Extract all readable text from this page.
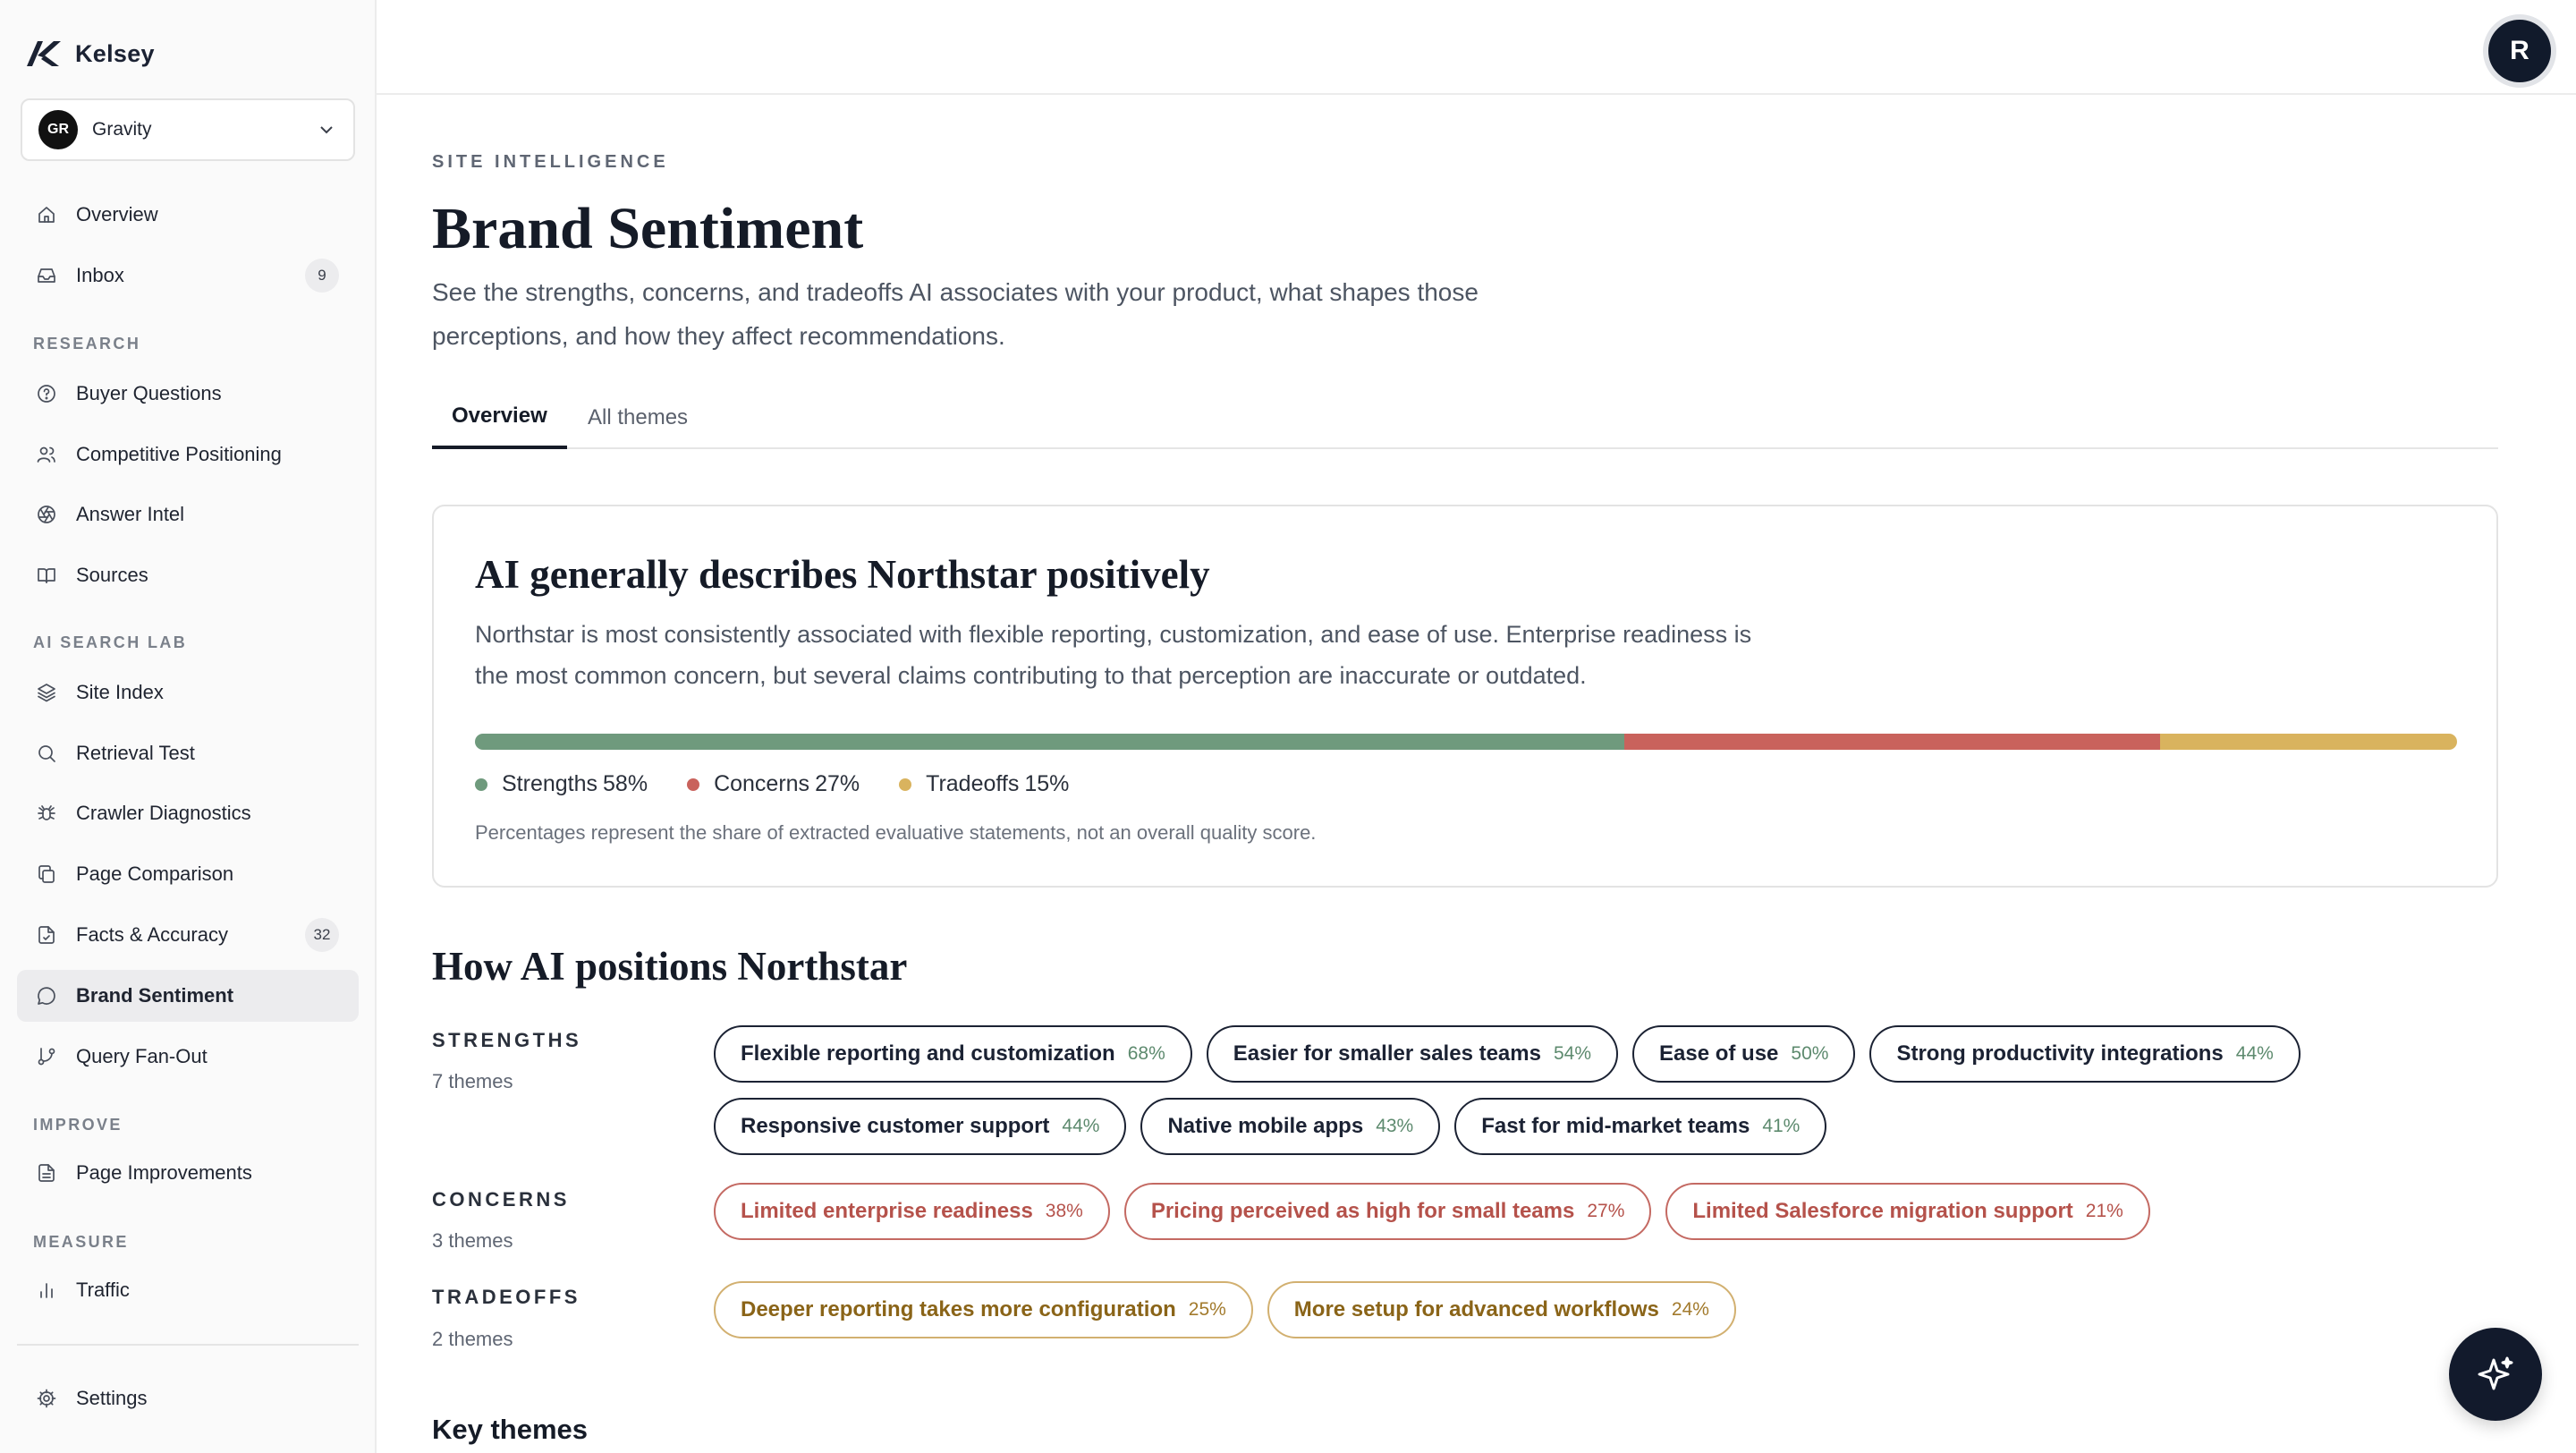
Kelsey
GR	Gravity
Overview
Inbox	9
RESEARCH
Buyer Questions
Competitive Positioning
Answer Intel
Sources
AI SEARCH LAB
Site Index
Retrieval Test
Crawler Diagnostics
Page Comparison
Facts & Accuracy	32
Brand Sentiment
Query Fan-Out
IMPROVE
Page Improvements
MEASURE
Traffic
Settings
R
SITE INTELLIGENCE
Brand Sentiment

See the strengths, concerns, and tradeoffs AI associates with your product, what shapes those perceptions, and how they affect recommendations.

Overview	All themes
AI generally describes Northstar positively

Northstar is most consistently associated with flexible reporting, customization, and ease of use. Enterprise readiness is the most common concern, but several claims contributing to that perception are inaccurate or outdated.

Strengths 58%	Concerns 27%	Tradeoffs 15%
Percentages represent the share of extracted evaluative statements, not an overall quality score.
How AI positions Northstar
STRENGTHS
7 themes
Flexible reporting and customization 68%	Easier for smaller sales teams 54%	Ease of use 50%	Strong productivity integrations 44%
Responsive customer support 44%	Native mobile apps 43%	Fast for mid-market teams 41%
CONCERNS
3 themes
Limited enterprise readiness 38%	Pricing perceived as high for small teams 27%	Limited Salesforce migration support 21%
TRADEOFFS
2 themes
Deeper reporting takes more configuration 25%	More setup for advanced workflows 24%
Key themes
